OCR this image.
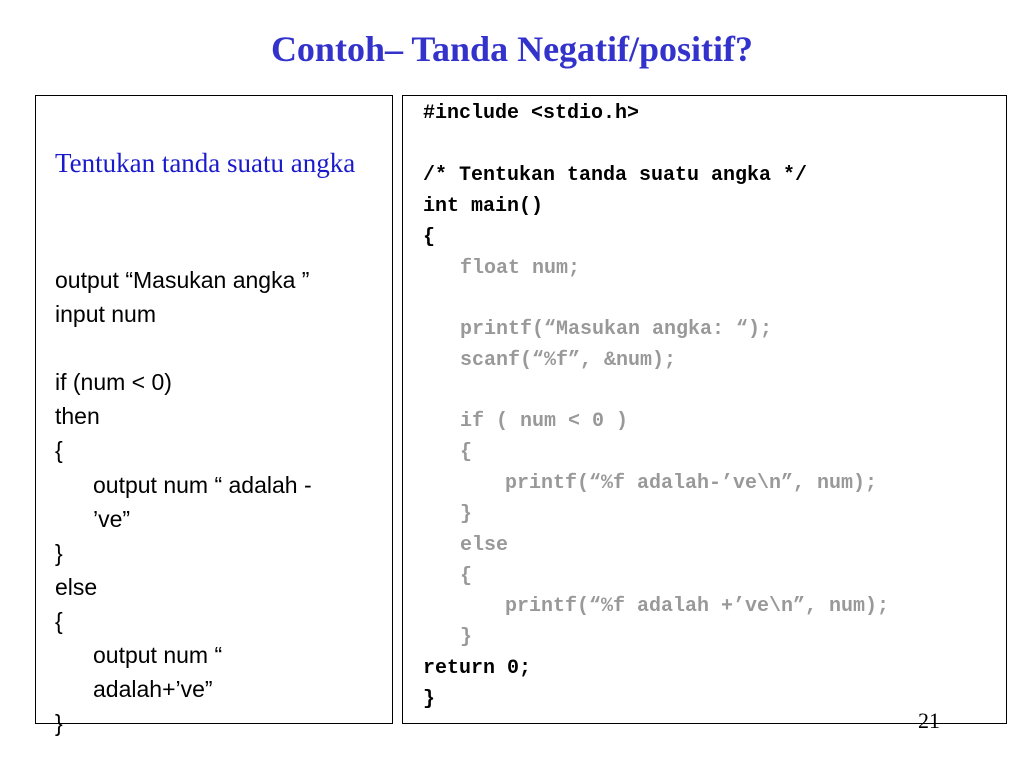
Contoh– Tanda Negatif/positif?
Tentukan tanda suatu angka
output “Masukan angka ”
input num
if (num < 0)
then
{
output num “ adalah -
’ve”
}
else
{
output num “
adalah+’ve”
}
#include <stdio.h>
/* Tentukan tanda suatu angka */
int main()
{
float num;
printf(“Masukan angka: “);
scanf(“%f”, &num);
if ( num < 0 )
{
printf(“%f adalah-’ve\n”, num);
}
else
{
printf(“%f adalah +’ve\n”, num);
}
return 0;
}
21
